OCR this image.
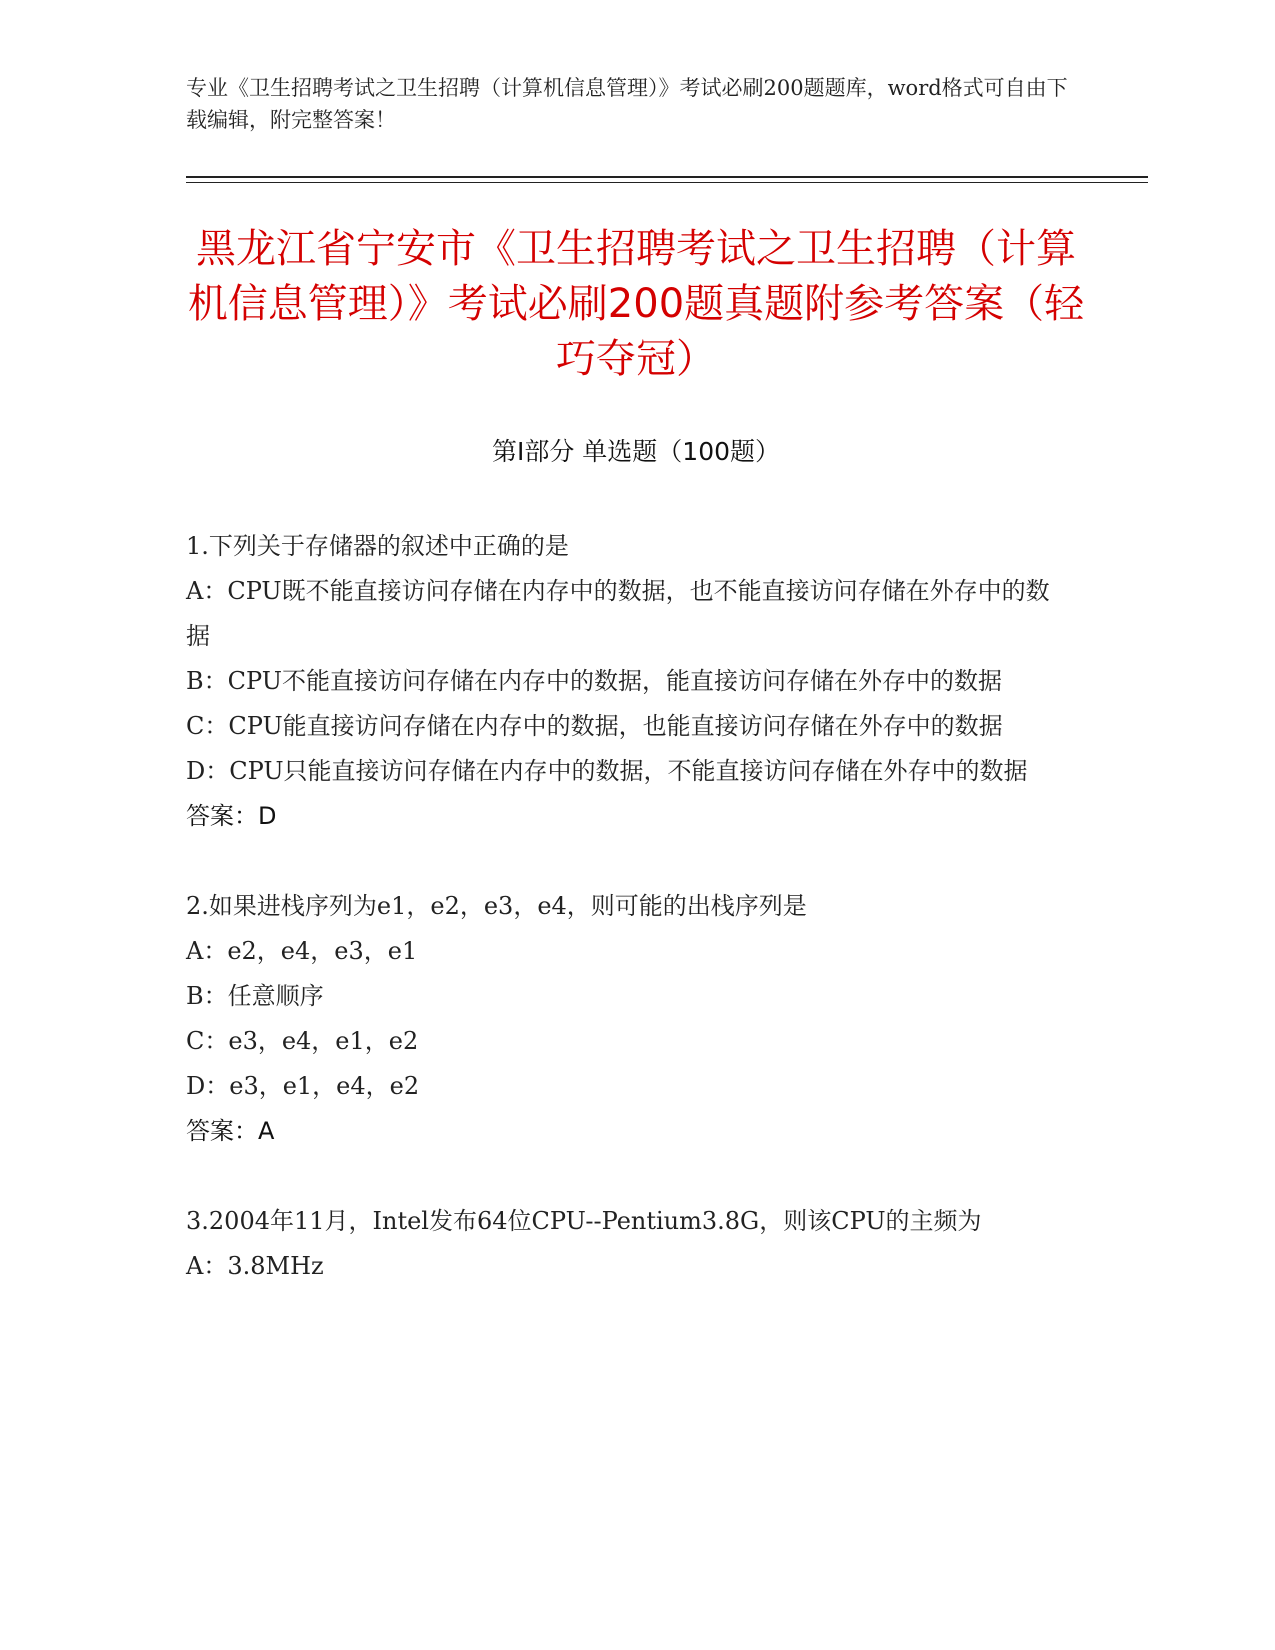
专业《卫生招聘考试之卫生招聘（计算机信息管理）》考试必刷200题题库，word格式可自由下载编辑，附完整答案！
黑龙江省宁安市《卫生招聘考试之卫生招聘（计算机信息管理）》考试必刷200题真题附参考答案（轻巧夺冠）
第Ⅰ部分 单选题（100题）
1.下列关于存储器的叙述中正确的是
A：CPU既不能直接访问存储在内存中的数据，也不能直接访问存储在外存中的数据
B：CPU不能直接访问存储在内存中的数据，能直接访问存储在外存中的数据
C：CPU能直接访问存储在内存中的数据，也能直接访问存储在外存中的数据
D：CPU只能直接访问存储在内存中的数据，不能直接访问存储在外存中的数据
答案：D
2.如果进栈序列为e1，e2，e3，e4，则可能的出栈序列是
A：e2，e4，e3，e1
B：任意顺序
C：e3，e4，e1，e2
D：e3，e1，e4，e2
答案：A
3.2004年11月，Intel发布64位CPU--Pentium3.8G，则该CPU的主频为
A：3.8MHz
